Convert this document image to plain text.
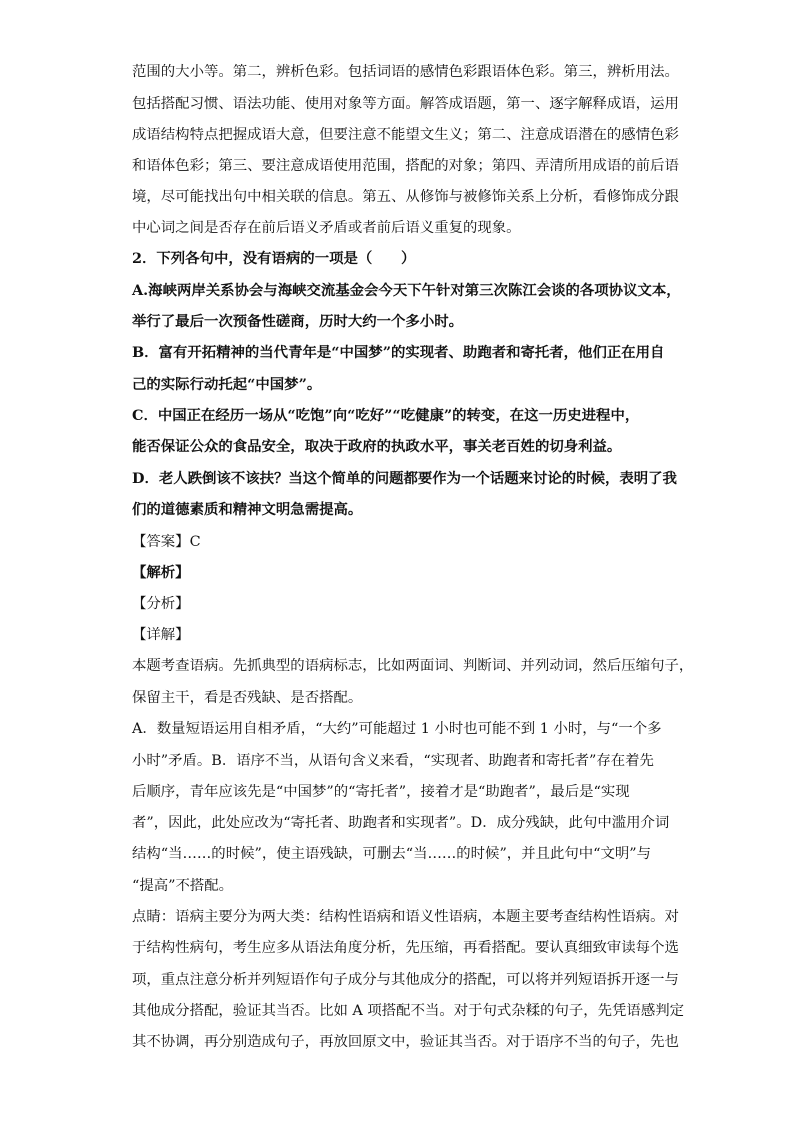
范围的大小等。第二，辨析色彩。包括词语的感情色彩跟语体色彩。第三，辨析用法。
包括搭配习惯、语法功能、使用对象等方面。解答成语题，第一、逐字解释成语，运用
成语结构特点把握成语大意，但要注意不能望文生义；第二、注意成语潜在的感情色彩
和语体色彩；第三、要注意成语使用范围，搭配的对象；第四、弄清所用成语的前后语
境，尽可能找出句中相关联的信息。第五、从修饰与被修饰关系上分析，看修饰成分跟
中心词之间是否存在前后语义矛盾或者前后语义重复的现象。
2．下列各句中，没有语病的一项是（　　）
A.海峡两岸关系协会与海峡交流基金会今天下午针对第三次陈江会谈的各项协议文本，
举行了最后一次预备性磋商，历时大约一个多小时。
B．富有开拓精神的当代青年是“中国梦”的实现者、助跑者和寄托者，他们正在用自
己的实际行动托起“中国梦”。
C．中国正在经历一场从“吃饱”向“吃好”“吃健康”的转变，在这一历史进程中，
能否保证公众的食品安全，取决于政府的执政水平，事关老百姓的切身利益。
D．老人跌倒该不该扶？当这个简单的问题都要作为一个话题来讨论的时候，表明了我
们的道德素质和精神文明急需提高。
【答案】C
【解析】
【分析】
【详解】
本题考查语病。先抓典型的语病标志，比如两面词、判断词、并列动词，然后压缩句子，
保留主干，看是否残缺、是否搭配。
A．数量短语运用自相矛盾，“大约”可能超过 1 小时也可能不到 1 小时，与“一个多
小时”矛盾。B．语序不当，从语句含义来看，“实现者、助跑者和寄托者”存在着先
后顺序，青年应该先是“中国梦”的“寄托者”，接着才是“助跑者”，最后是“实现
者”，因此，此处应改为“寄托者、助跑者和实现者”。D．成分残缺，此句中滥用介词
结构“当……的时候”，使主语残缺，可删去“当……的时候”，并且此句中“文明”与
“提高”不搭配。
点睛：语病主要分为两大类：结构性语病和语义性语病，本题主要考查结构性语病。对
于结构性病句，考生应多从语法角度分析，先压缩，再看搭配。要认真细致审读每个选
项，重点注意分析并列短语作句子成分与其他成分的搭配，可以将并列短语拆开逐一与
其他成分搭配，验证其当否。比如 A 项搭配不当。对于句式杂糅的句子，先凭语感判定
其不协调，再分别造成句子，再放回原文中，验证其当否。对于语序不当的句子，先也
